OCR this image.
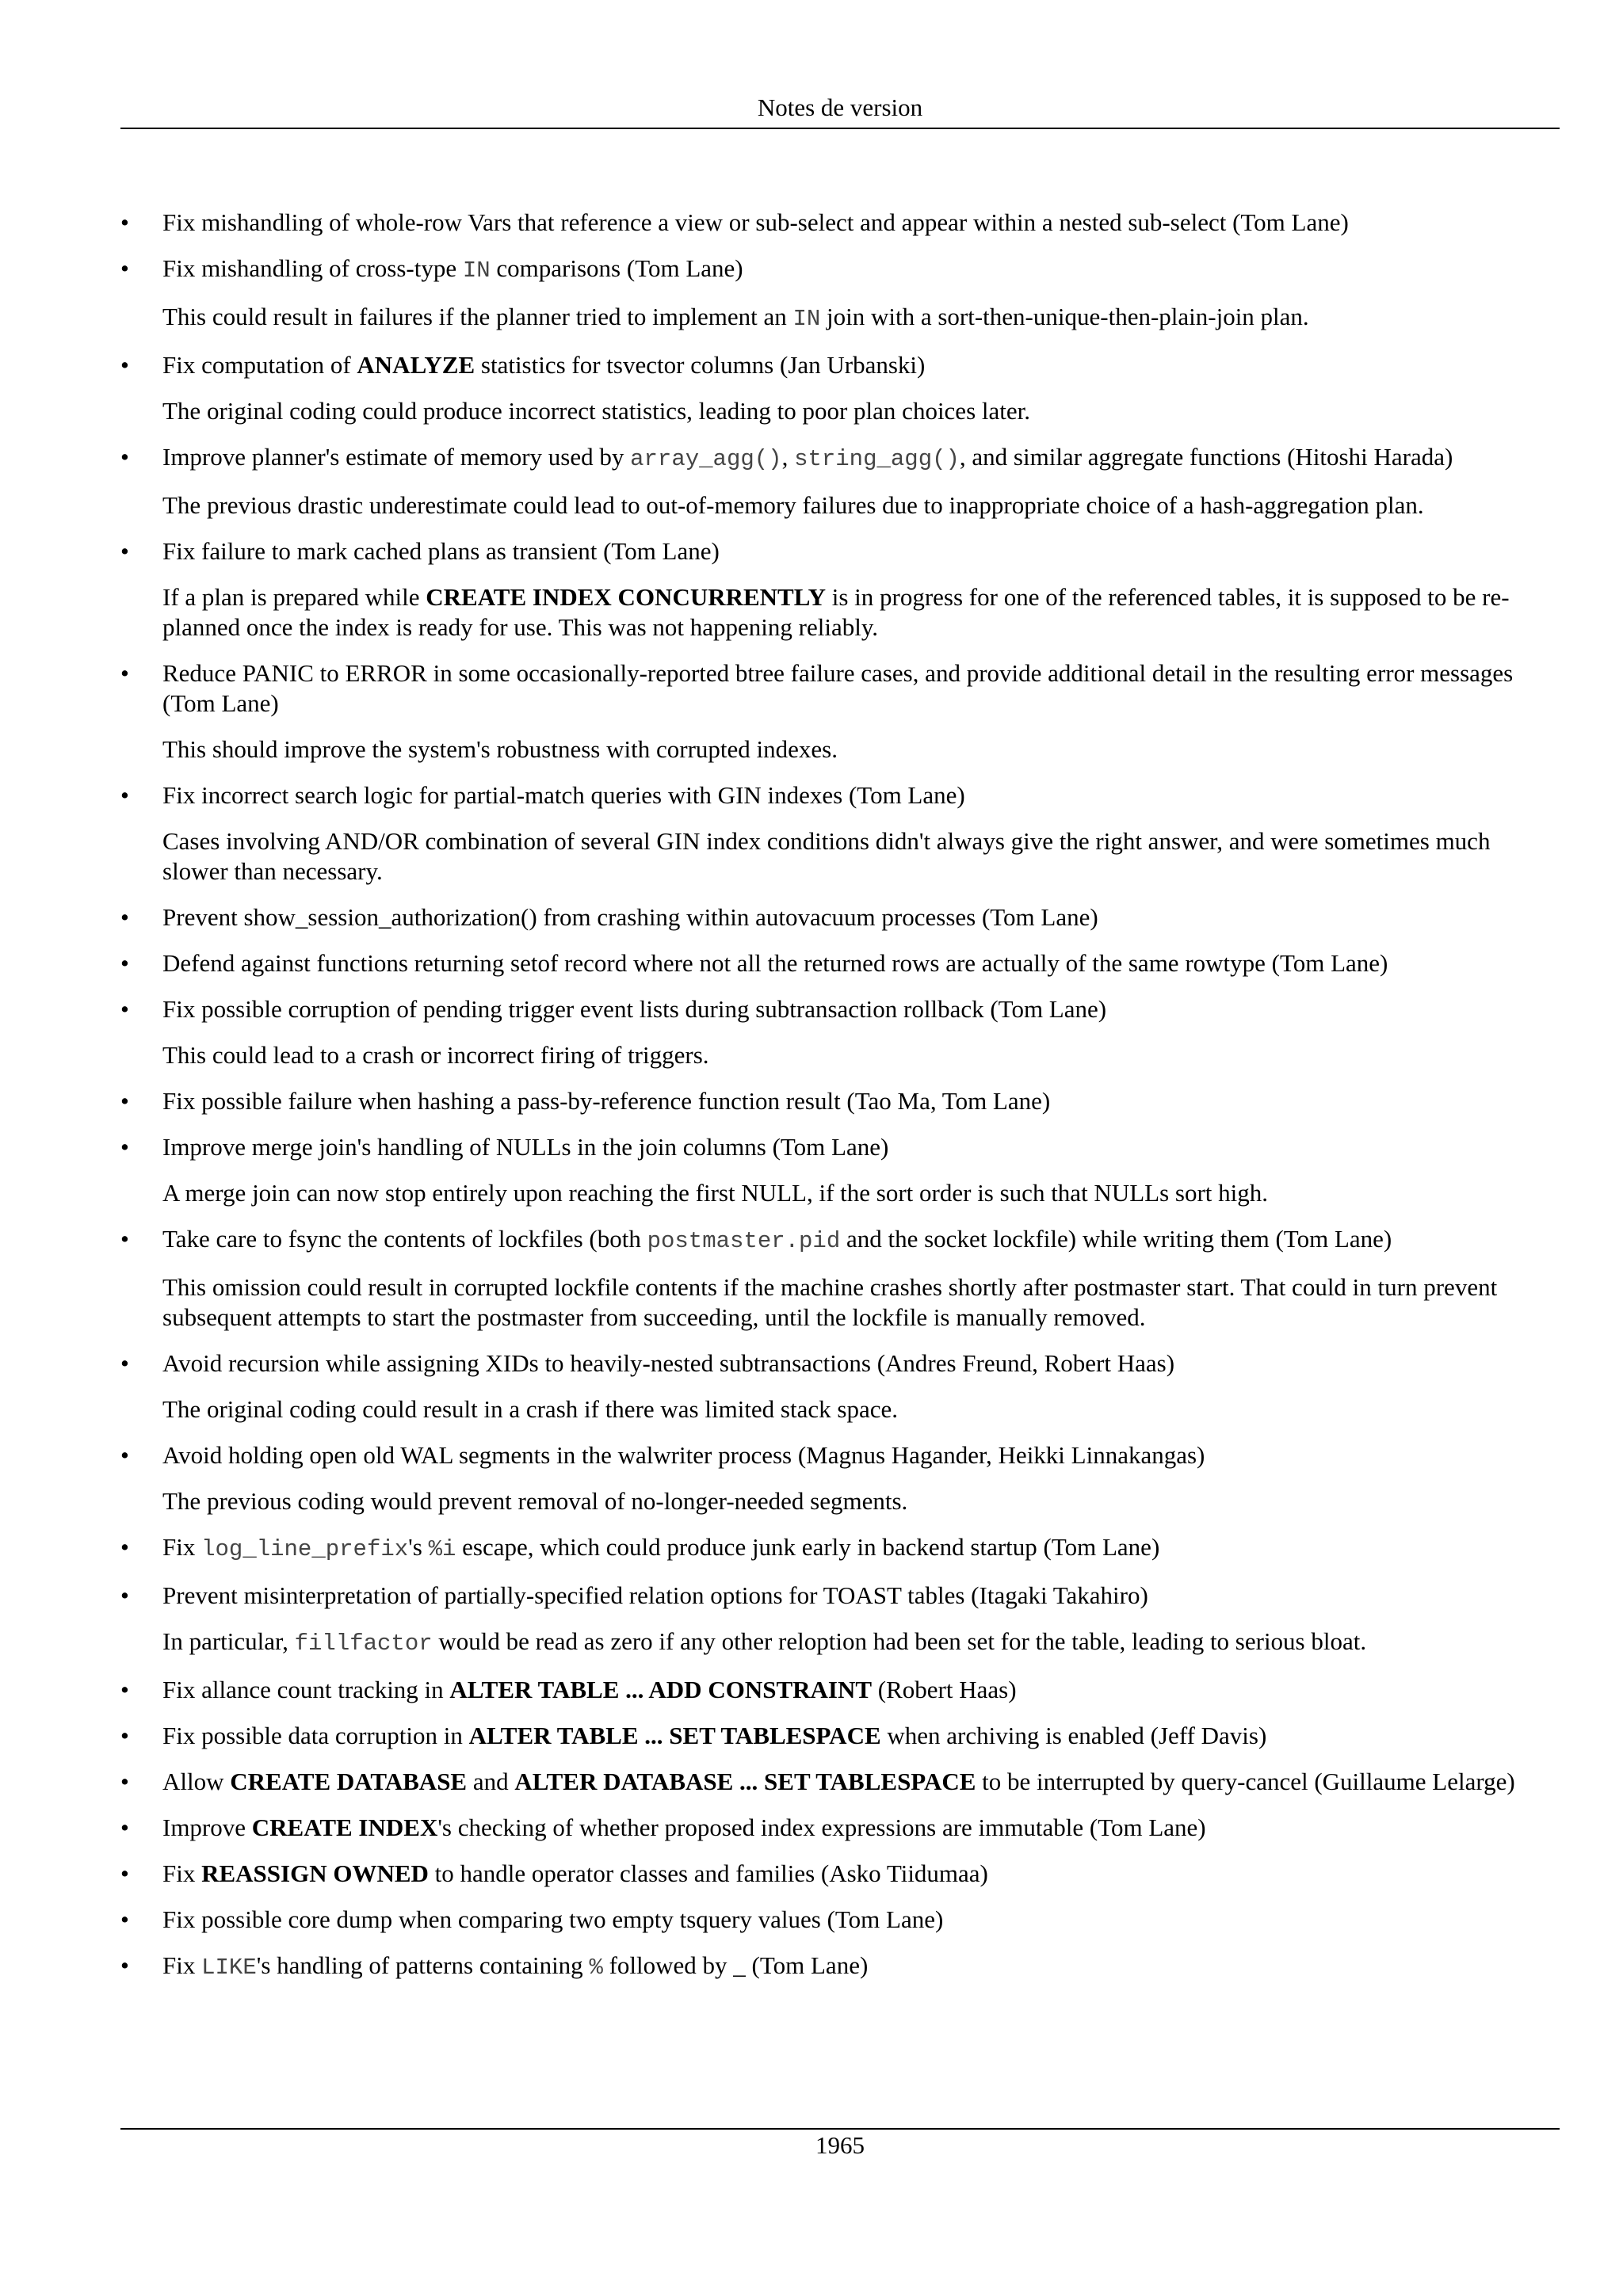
Notes de version
• Fix mishandling of whole-row Vars that reference a view or sub-select and appear within a nested sub-select (Tom Lane)

• Fix mishandling of cross-type IN comparisons (Tom Lane)

This could result in failures if the planner tried to implement an IN join with a sort-then-unique-then-plain-join plan.

• Fix computation of ANALYZE statistics for tsvector columns (Jan Urbanski)

The original coding could produce incorrect statistics, leading to poor plan choices later.

• Improve planner's estimate of memory used by array_agg(), string_agg(), and similar aggregate functions (Hitoshi Harada)

The previous drastic underestimate could lead to out-of-memory failures due to inappropriate choice of a hash-aggregation plan.

• Fix failure to mark cached plans as transient (Tom Lane)

If a plan is prepared while CREATE INDEX CONCURRENTLY is in progress for one of the referenced tables, it is supposed to be re-planned once the index is ready for use. This was not happening reliably.

• Reduce PANIC to ERROR in some occasionally-reported btree failure cases, and provide additional detail in the resulting error messages (Tom Lane)

This should improve the system's robustness with corrupted indexes.

• Fix incorrect search logic for partial-match queries with GIN indexes (Tom Lane)

Cases involving AND/OR combination of several GIN index conditions didn't always give the right answer, and were sometimes much slower than necessary.

• Prevent show_session_authorization() from crashing within autovacuum processes (Tom Lane)

• Defend against functions returning setof record where not all the returned rows are actually of the same rowtype (Tom Lane)

• Fix possible corruption of pending trigger event lists during subtransaction rollback (Tom Lane)

This could lead to a crash or incorrect firing of triggers.

• Fix possible failure when hashing a pass-by-reference function result (Tao Ma, Tom Lane)

• Improve merge join's handling of NULLs in the join columns (Tom Lane)

A merge join can now stop entirely upon reaching the first NULL, if the sort order is such that NULLs sort high.

• Take care to fsync the contents of lockfiles (both postmaster.pid and the socket lockfile) while writing them (Tom Lane)

This omission could result in corrupted lockfile contents if the machine crashes shortly after postmaster start. That could in turn prevent subsequent attempts to start the postmaster from succeeding, until the lockfile is manually removed.

• Avoid recursion while assigning XIDs to heavily-nested subtransactions (Andres Freund, Robert Haas)

The original coding could result in a crash if there was limited stack space.

• Avoid holding open old WAL segments in the walwriter process (Magnus Hagander, Heikki Linnakangas)

The previous coding would prevent removal of no-longer-needed segments.

• Fix log_line_prefix's %i escape, which could produce junk early in backend startup (Tom Lane)

• Prevent misinterpretation of partially-specified relation options for TOAST tables (Itagaki Takahiro)

In particular, fillfactor would be read as zero if any other reloption had been set for the table, leading to serious bloat.

• Fix allance count tracking in ALTER TABLE ... ADD CONSTRAINT (Robert Haas)

• Fix possible data corruption in ALTER TABLE ... SET TABLESPACE when archiving is enabled (Jeff Davis)

• Allow CREATE DATABASE and ALTER DATABASE ... SET TABLESPACE to be interrupted by query-cancel (Guillaume Lelarge)

• Improve CREATE INDEX's checking of whether proposed index expressions are immutable (Tom Lane)

• Fix REASSIGN OWNED to handle operator classes and families (Asko Tiidumaa)

• Fix possible core dump when comparing two empty tsquery values (Tom Lane)

• Fix LIKE's handling of patterns containing % followed by _ (Tom Lane)

1965
